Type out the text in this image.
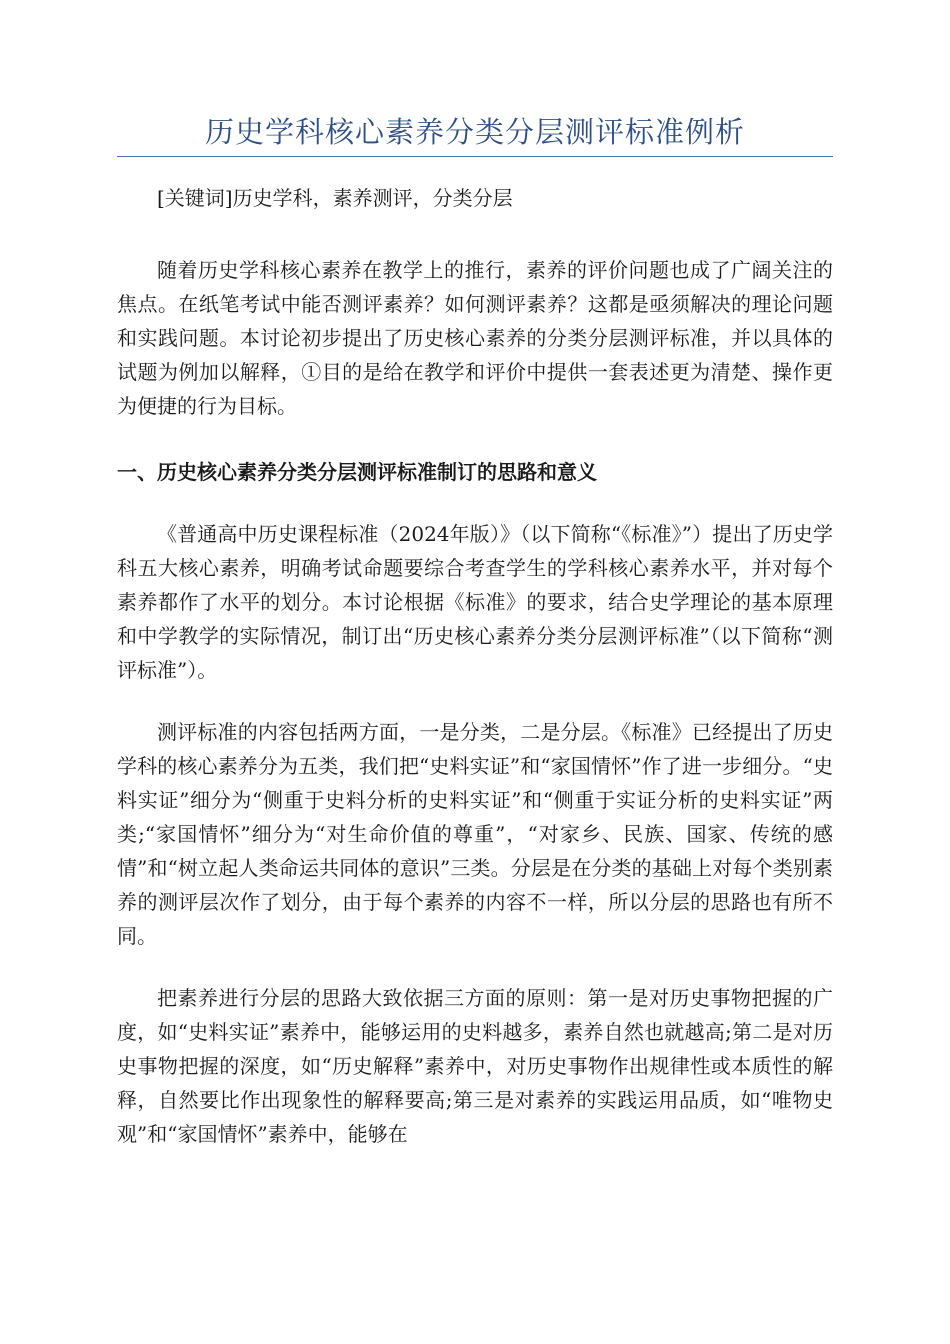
历史学科核心素养分类分层测评标准例析

[关键词]历史学科，素养测评，分类分层

随着历史学科核心素养在教学上的推行，素养的评价问题也成了广阔关注的焦点。在纸笔考试中能否测评素养？如何测评素养？这都是亟须解决的理论问题和实践问题。本讨论初步提出了历史核心素养的分类分层测评标准，并以具体的试题为例加以解释，①目的是给在教学和评价中提供一套表述更为清楚、操作更为便捷的行为目标。

一、历史核心素养分类分层测评标准制订的思路和意义

《普通高中历史课程标准（2024年版）》（以下简称“《标准》”）提出了历史学科五大核心素养，明确考试命题要综合考查学生的学科核心素养水平，并对每个素养都作了水平的划分。本讨论根据《标准》的要求，结合史学理论的基本原理和中学教学的实际情况，制订出“历史核心素养分类分层测评标准”（以下简称“测评标准”）。

测评标准的内容包括两方面，一是分类，二是分层。《标准》已经提出了历史学科的核心素养分为五类，我们把“史料实证”和“家国情怀”作了进一步细分。“史料实证”细分为“侧重于史料分析的史料实证”和“侧重于实证分析的史料实证”两类;“家国情怀”细分为“对生命价值的尊重”，“对家乡、民族、国家、传统的感情”和“树立起人类命运共同体的意识”三类。分层是在分类的基础上对每个类别素养的测评层次作了划分，由于每个素养的内容不一样，所以分层的思路也有所不同。

把素养进行分层的思路大致依据三方面的原则：第一是对历史事物把握的广度，如“史料实证”素养中，能够运用的史料越多，素养自然也就越高;第二是对历史事物把握的深度，如“历史解释”素养中，对历史事物作出规律性或本质性的解释，自然要比作出现象性的解释要高;第三是对素养的实践运用品质，如“唯物史观”和“家国情怀”素养中，能够在
